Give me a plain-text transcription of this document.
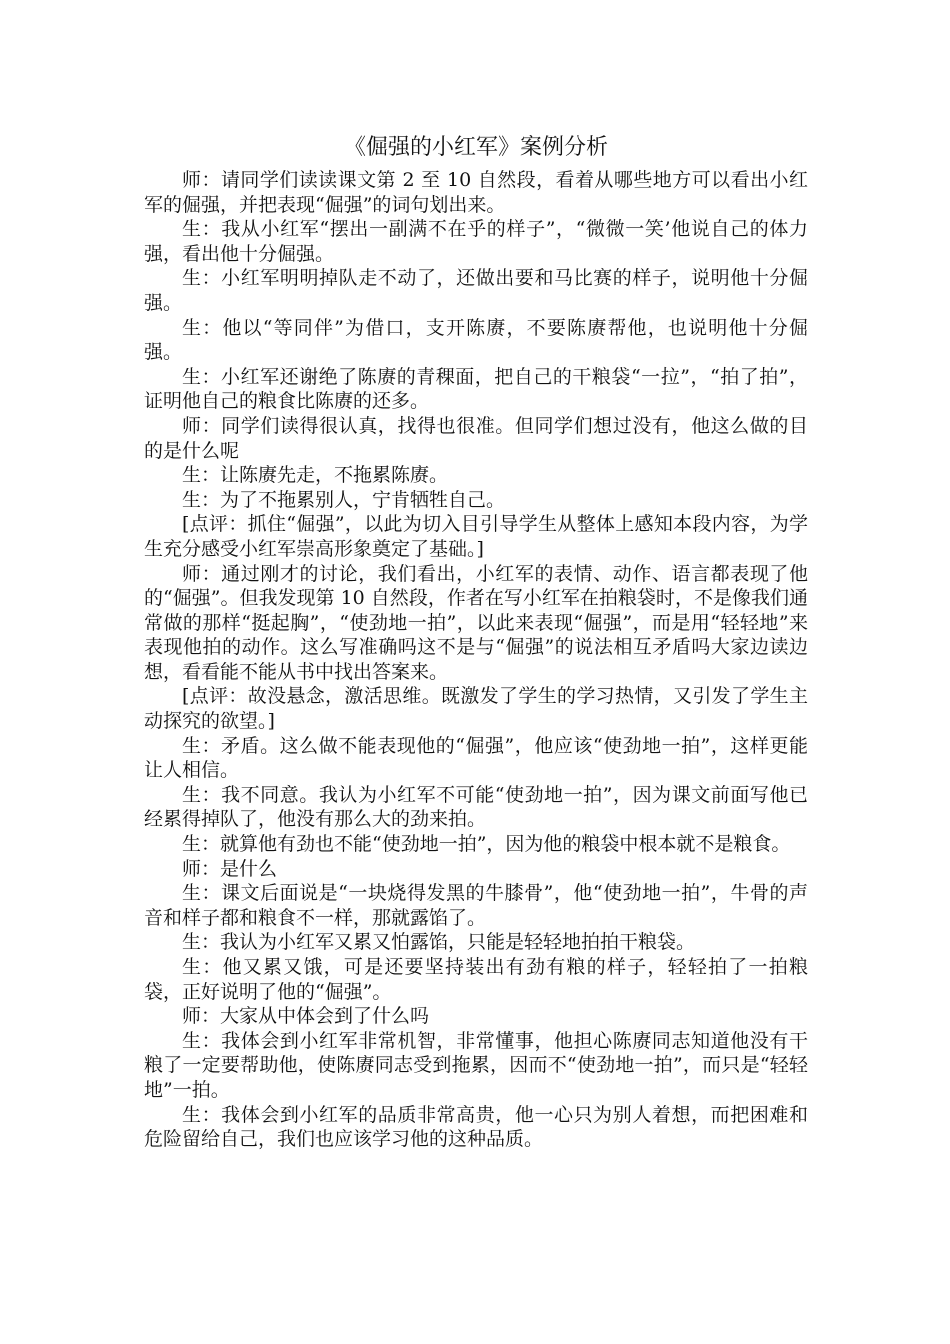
《倔强的小红军》案例分析

师：请同学们读读课文第 2 至 10 自然段，看着从哪些地方可以看出小红军的倔强，并把表现“倔强”的词句划出来。

生：我从小红军“摆出一副满不在乎的样子”，“微微一笑’他说自己的体力强，看出他十分倔强。

生：小红军明明掉队走不动了，还做出要和马比赛的样子，说明他十分倔强。

生：他以“等同伴”为借口，支开陈赓，不要陈赓帮他，也说明他十分倔强。

生：小红军还谢绝了陈赓的青稞面，把自己的干粮袋“一拉”，“拍了拍”，证明他自己的粮食比陈赓的还多。

师：同学们读得很认真，找得也很准。但同学们想过没有，他这么做的目的是什么呢

生：让陈赓先走，不拖累陈赓。

生：为了不拖累别人，宁肯牺牲自己。

[点评：抓住“倔强”，以此为切入目引导学生从整体上感知本段内容，为学生充分感受小红军崇高形象奠定了基础。]

师：通过刚才的讨论，我们看出，小红军的表情、动作、语言都表现了他的“倔强”。但我发现第 10 自然段，作者在写小红军在拍粮袋时，不是像我们通常做的那样“挺起胸”，“使劲地一拍”，以此来表现“倔强”，而是用“轻轻地”来表现他拍的动作。这么写准确吗这不是与“倔强”的说法相互矛盾吗大家边读边想，看看能不能从书中找出答案来。

[点评：故没悬念，激活思维。既激发了学生的学习热情，又引发了学生主动探究的欲望。]

生：矛盾。这么做不能表现他的“倔强”，他应该“使劲地一拍”，这样更能让人相信。

生：我不同意。我认为小红军不可能“使劲地一拍”，因为课文前面写他已经累得掉队了，他没有那么大的劲来拍。

生：就算他有劲也不能“使劲地一拍”，因为他的粮袋中根本就不是粮食。

师：是什么

生：课文后面说是“一块烧得发黑的牛膝骨”，他“使劲地一拍”，牛骨的声音和样子都和粮食不一样，那就露馅了。

生：我认为小红军又累又怕露馅，只能是轻轻地拍拍干粮袋。

生：他又累又饿，可是还要坚持装出有劲有粮的样子，轻轻拍了一拍粮袋，正好说明了他的“倔强”。

师：大家从中体会到了什么吗

生：我体会到小红军非常机智，非常懂事，他担心陈赓同志知道他没有干粮了一定要帮助他，使陈赓同志受到拖累，因而不“使劲地一拍”，而只是“轻轻地”一拍。

生：我体会到小红军的品质非常高贵，他一心只为别人着想，而把困难和危险留给自己，我们也应该学习他的这种品质。
